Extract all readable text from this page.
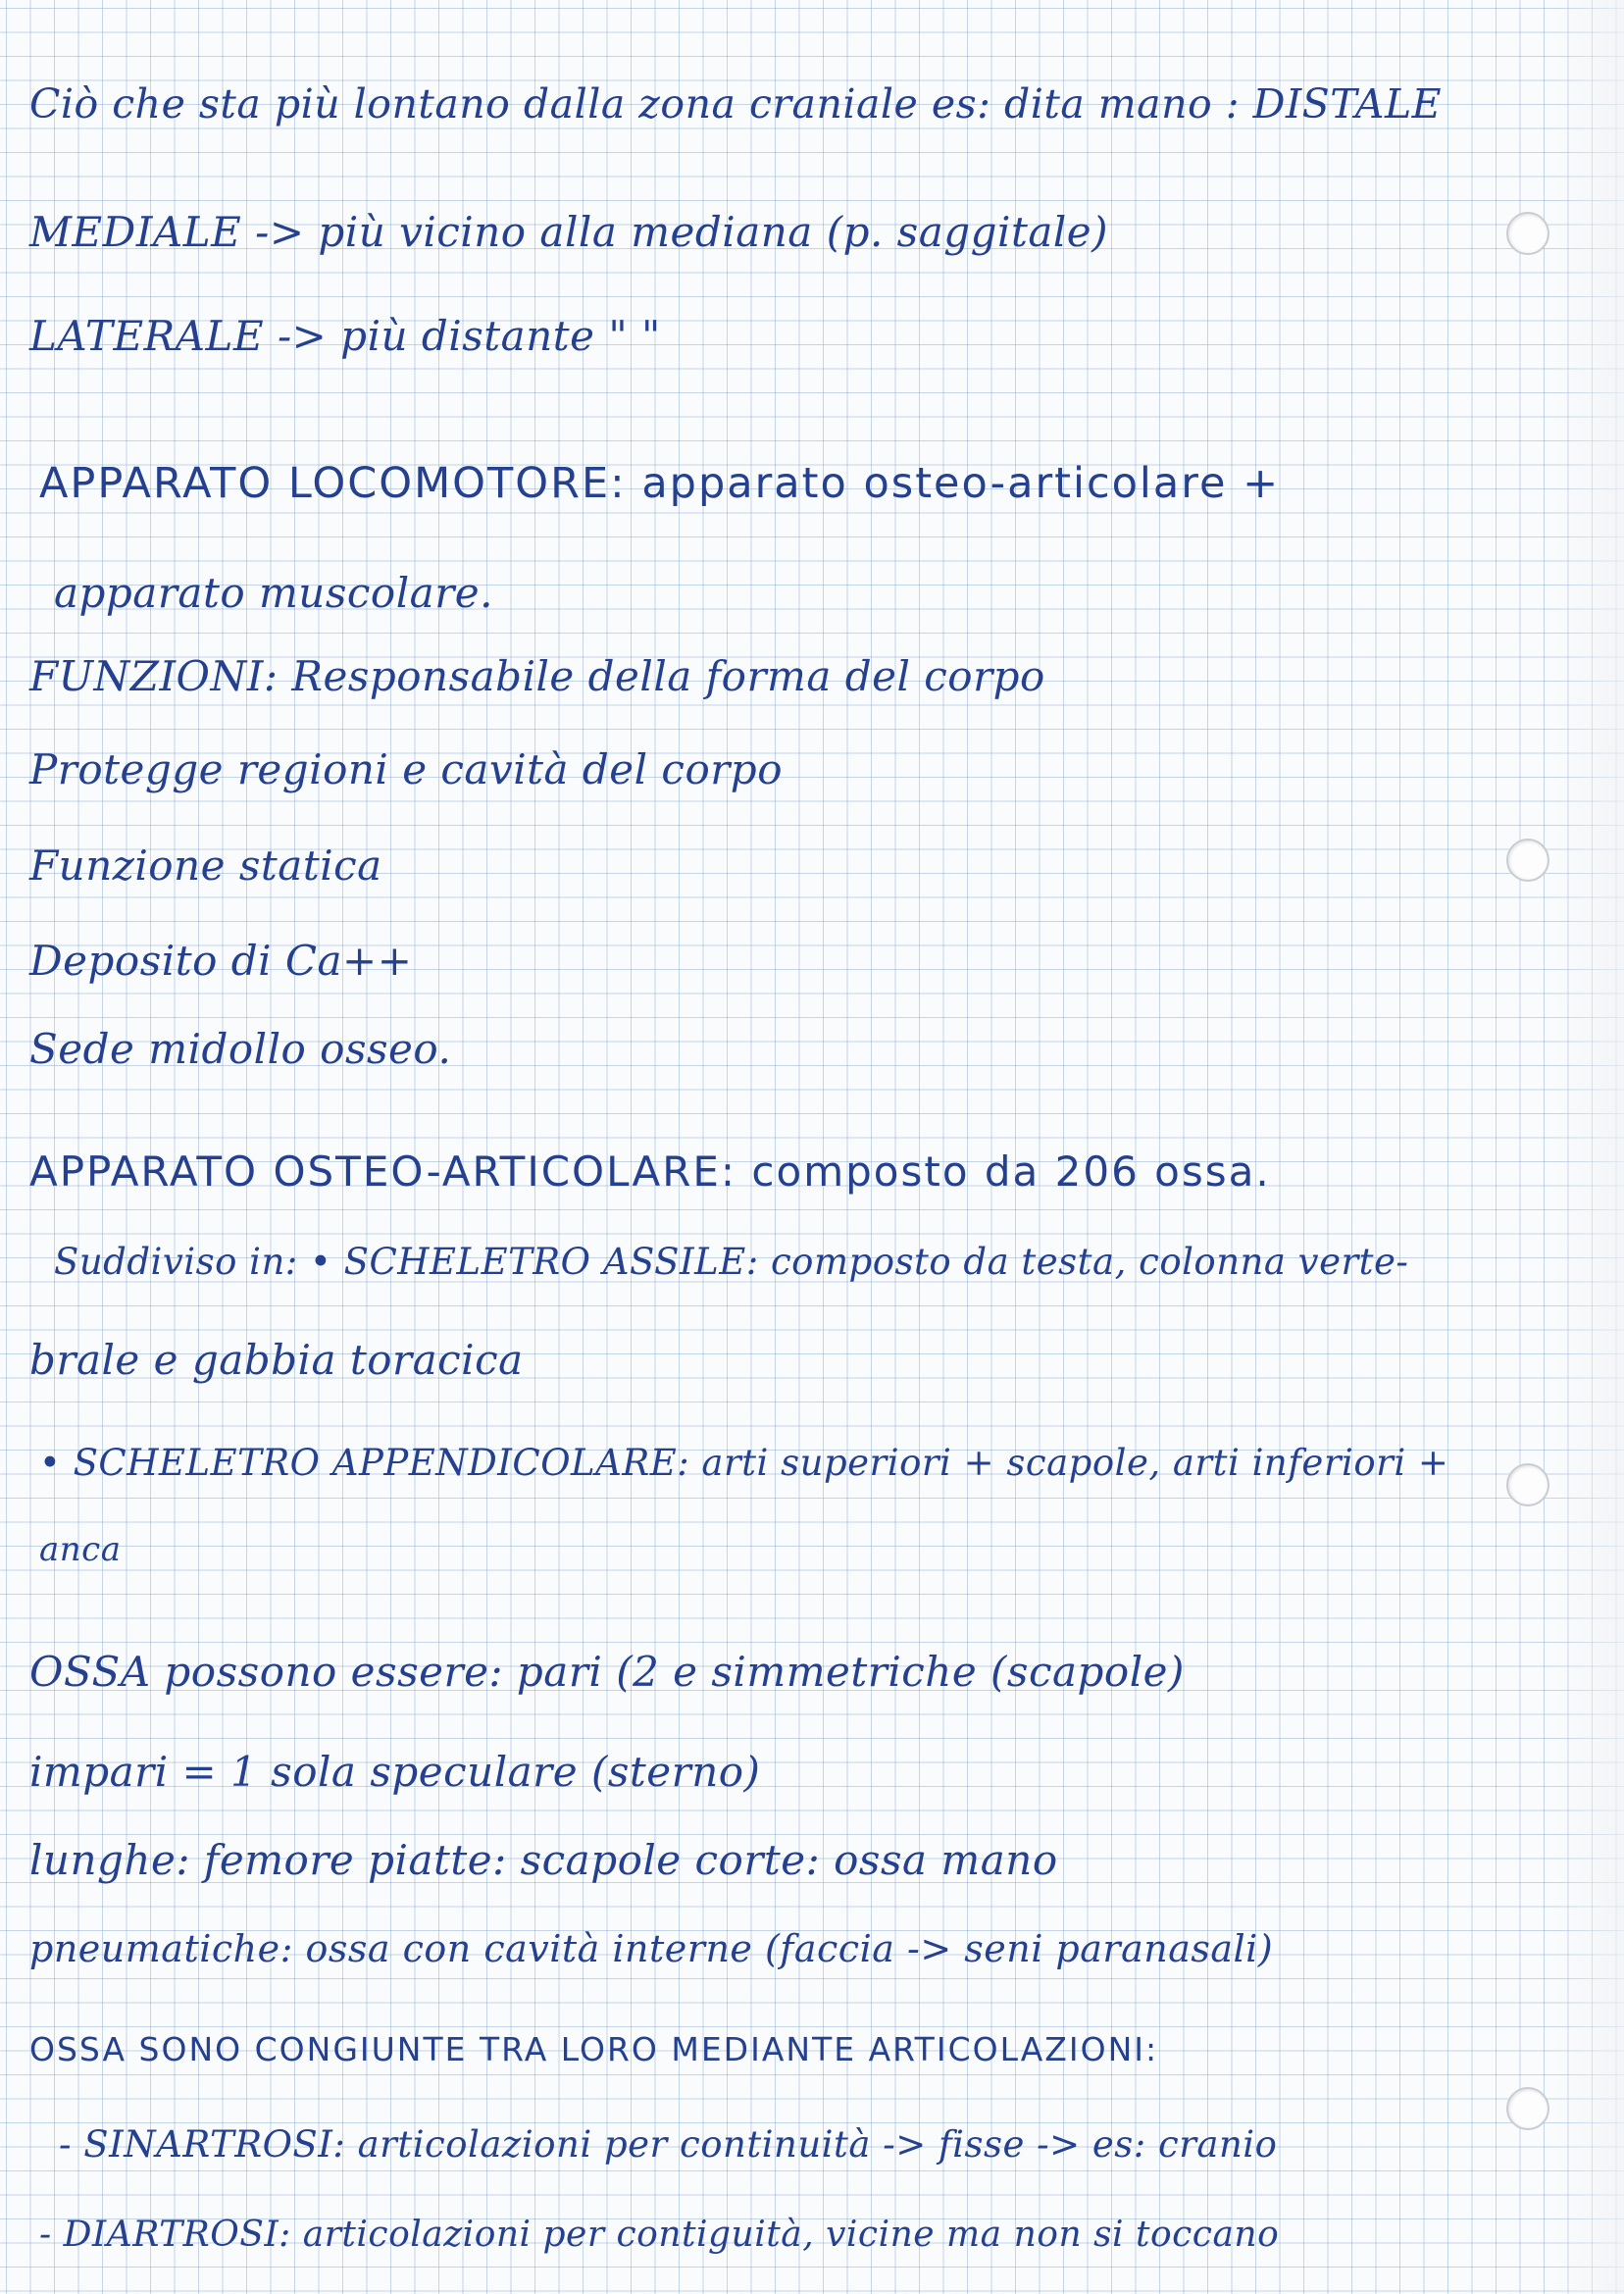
Ciò che sta più lontano dalla zona craniale es: dita mano : DISTALE
MEDIALE -> più vicino alla mediana (p. saggitale)
LATERALE -> più distante " "
APPARATO LOCOMOTORE: apparato osteo-articolare +
apparato muscolare.
FUNZIONI: Responsabile della forma del corpo
Protegge regioni e cavità del corpo
Funzione statica
Deposito di Ca++
Sede midollo osseo.
APPARATO OSTEO-ARTICOLARE: composto da 206 ossa.
Suddiviso in: • SCHELETRO ASSILE: composto da testa, colonna verte-
brale e gabbia toracica
• SCHELETRO APPENDICOLARE: arti superiori + scapole, arti inferiori +
anca
OSSA possono essere: pari (2 e simmetriche (scapole)
impari = 1 sola speculare (sterno)
lunghe: femore piatte: scapole corte: ossa mano
pneumatiche: ossa con cavità interne (faccia -> seni paranasali)
OSSA SONO CONGIUNTE TRA LORO MEDIANTE ARTICOLAZIONI:
- SINARTROSI: articolazioni per continuità -> fisse -> es: cranio
- DIARTROSI: articolazioni per contiguità, vicine ma non si toccano
